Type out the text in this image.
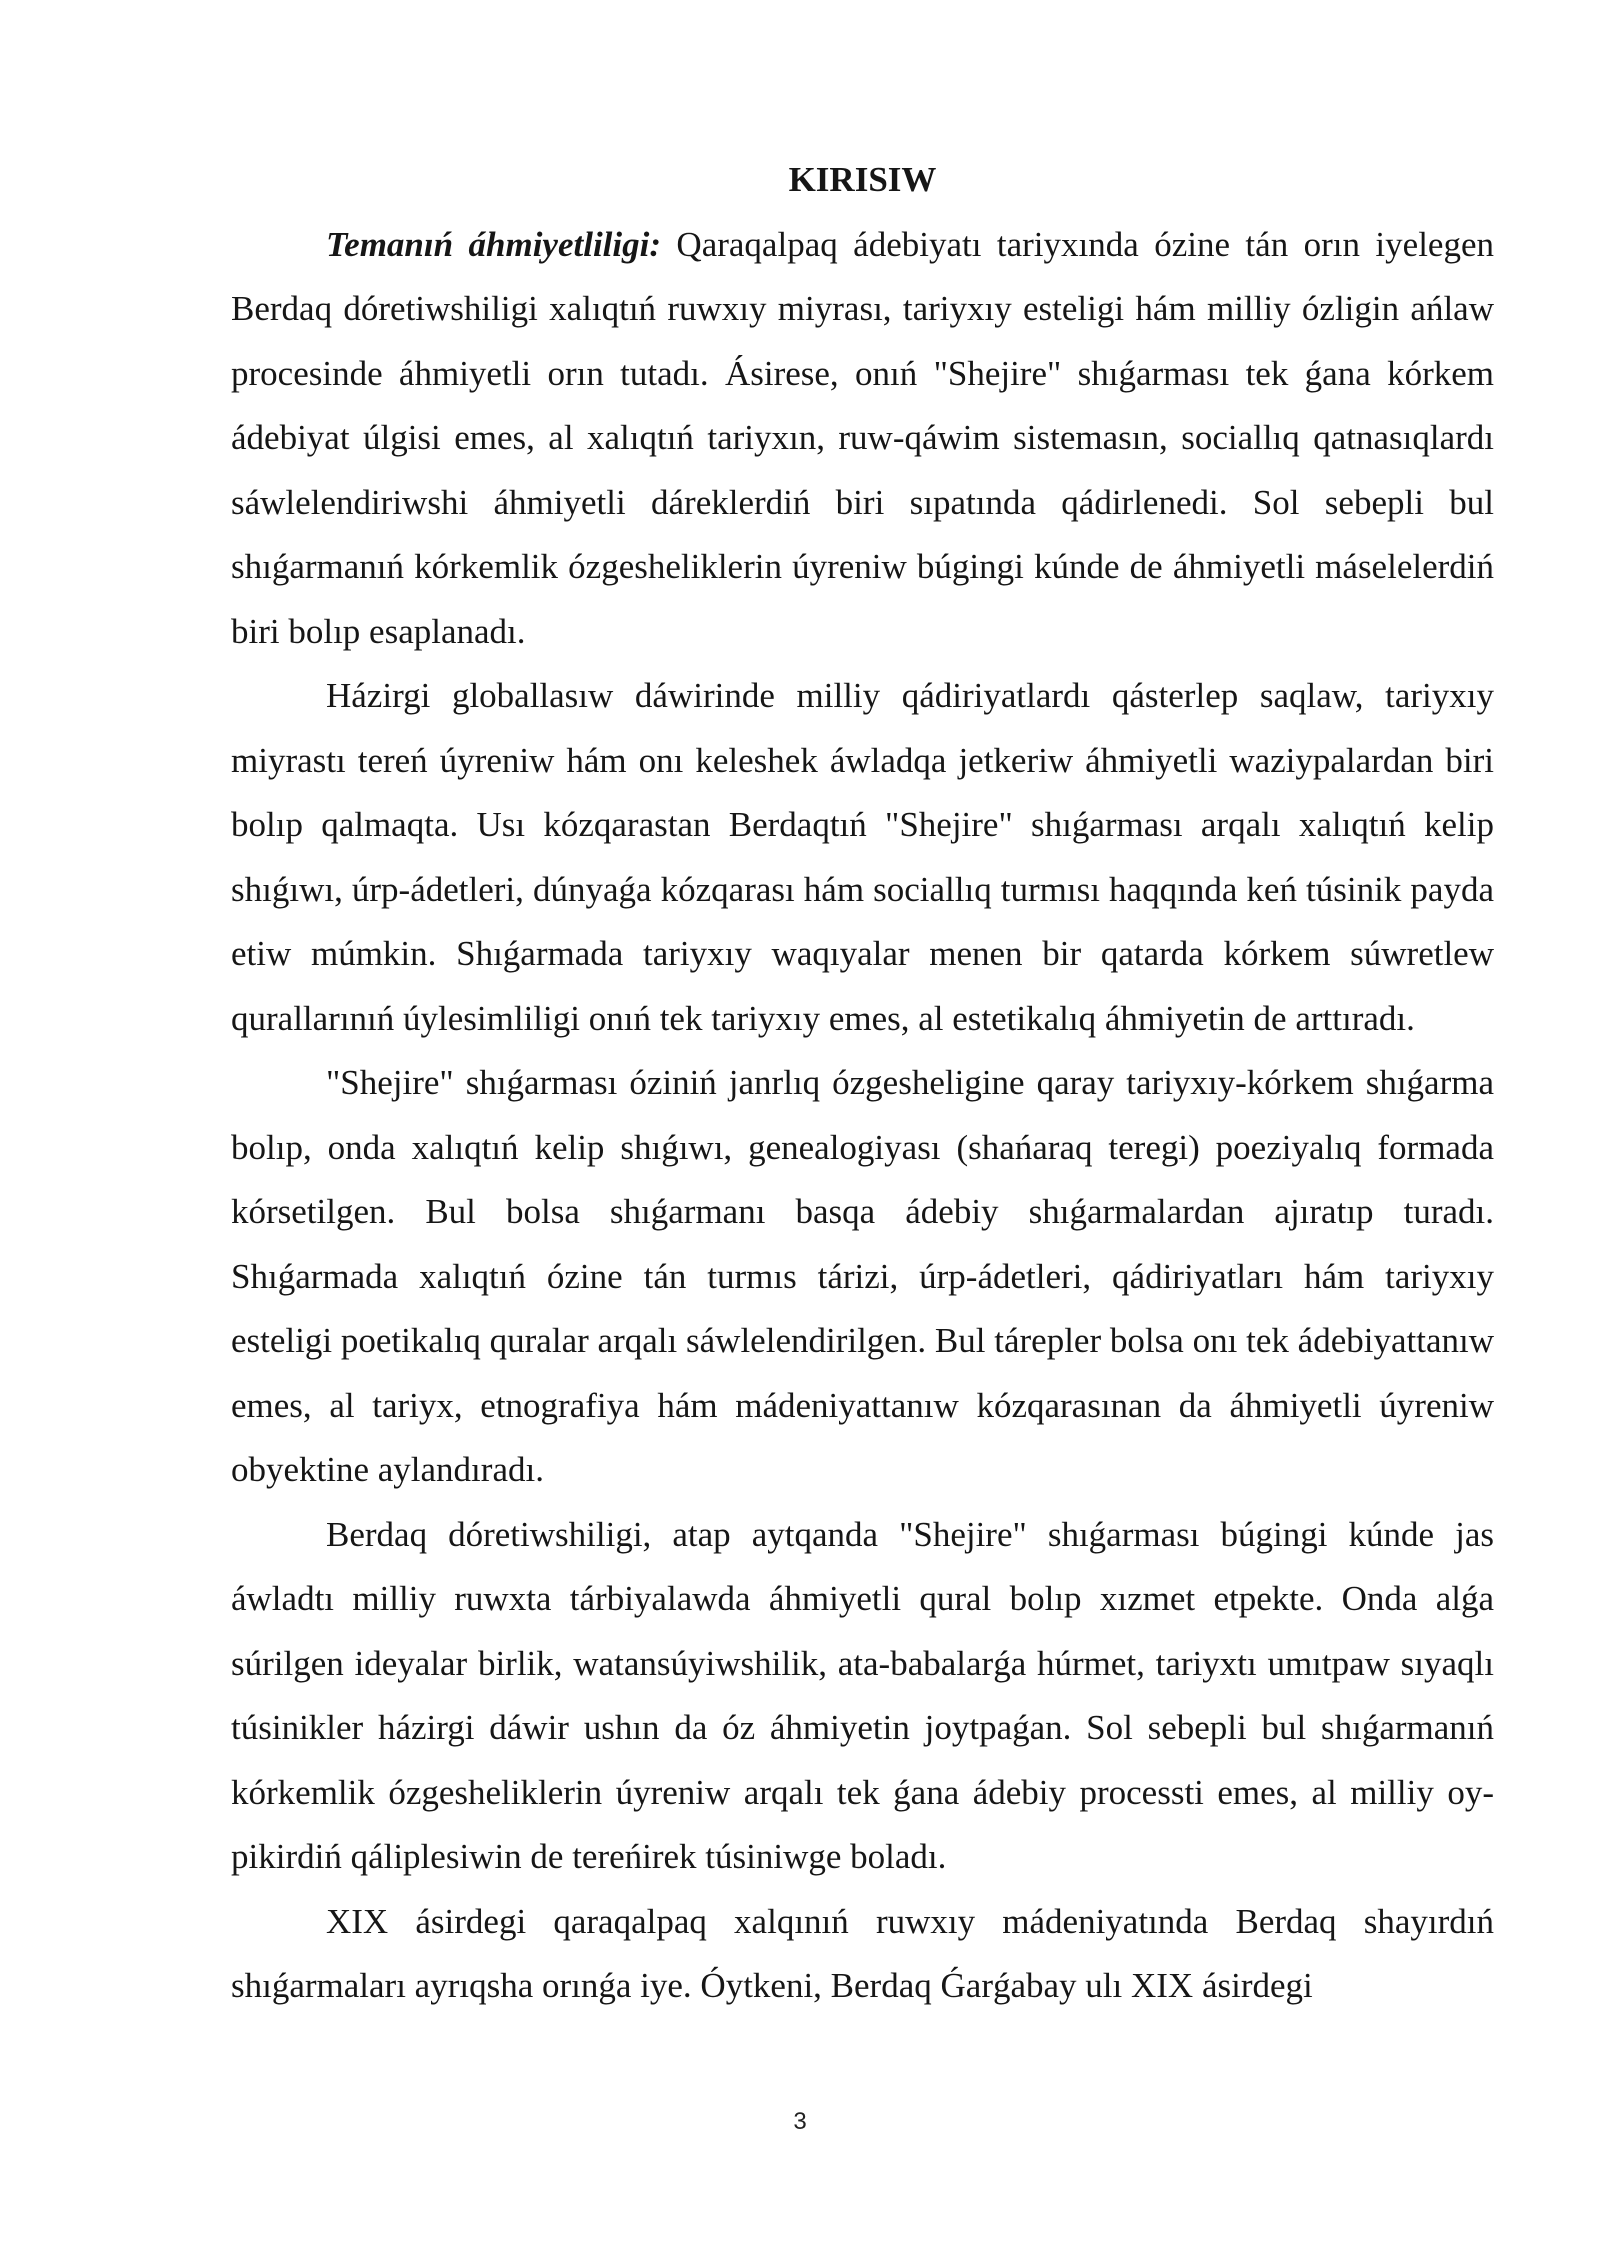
KIRISIW

Temanıń áhmiyetliligi: Qaraqalpaq ádebiyatı tariyxında ózine tán orın iyelegen Berdaq dóretiwshiligi xalıqtıń ruwxıy miyrası, tariyxıy esteligi hám milliy ózligin ańlaw procesinde áhmiyetli orın tutadı. Ásirese, onıń "Shejire" shıǵarması tek ǵana kórkem ádebiyat úlgisi emes, al xalıqtıń tariyxın, ruw-qáwim sistemasın, sociallıq qatnasıqlardı sáwlelendiriwshi áhmiyetli dáreklerdiń biri sıpatında qádirlenedi. Sol sebepli bul shıǵarmanıń kórkemlik ózgesheliklerin úyreniw búgingi kúnde de áhmiyetli máselelerdiń biri bolıp esaplanadı.

Házirgi globallasıw dáwirinde milliy qádiriyatlardı qásterlep saqlaw, tariyxıy miyrastı tereń úyreniw hám onı keleshek áwladqa jetkeriw áhmiyetli waziypalardan biri bolıp qalmaqta. Usı kózqarastan Berdaqtıń "Shejire" shıǵarması arqalı xalıqtıń kelip shıǵıwı, úrp-ádetleri, dúnyaǵa kózqarası hám sociallıq turmısı haqqında keń túsinik payda etiw múmkin. Shıǵarmada tariyxıy waqıyalar menen bir qatarda kórkem súwretlew qurallarınıń úylesimliligi onıń tek tariyxıy emes, al estetikalıq áhmiyetin de arttıradı.

"Shejire" shıǵarması óziniń janrlıq ózgesheligine qaray tariyxıy-kórkem shıǵarma bolıp, onda xalıqtıń kelip shıǵıwı, genealogiyası (shańaraq teregi) poeziyalıq formada kórsetilgen. Bul bolsa shıǵarmanı basqa ádebiy shıǵarmalardan ajıratıp turadı. Shıǵarmada xalıqtıń ózine tán turmıs tárizi, úrp-ádetleri, qádiriyatları hám tariyxıy esteligi poetikalıq quralar arqalı sáwlelendirilgen. Bul tárepler bolsa onı tek ádebiyattanıw emes, al tariyx, etnografiya hám mádeniyattanıw kózqarasınan da áhmiyetli úyreniw obyektine aylandıradı.

Berdaq dóretiwshiligi, atap aytqanda "Shejire" shıǵarması búgingi kúnde jas áwladtı milliy ruwxta tárbiyalawda áhmiyetli qural bolıp xızmet etpekte. Onda alǵa súrilgen ideyalar birlik, watansúyiwshilik, ata-babalarǵa húrmet, tariyxtı umıtpaw sıyaqlı túsinikler házirgi dáwir ushın da óz áhmiyetin joytpaǵan. Sol sebepli bul shıǵarmanıń kórkemlik ózgesheliklerin úyreniw arqalı tek ǵana ádebiy processti emes, al milliy oy-pikirdiń qáliplesiwin de tereńirek túsiniwge boladı.

XIX ásirdegi qaraqalpaq xalqınıń ruwxıy mádeniyatında Berdaq shayırdıń shıǵarmaları ayrıqsha orınǵa iye. Óytkeni, Berdaq Ǵarǵabay ulı XIX ásirdegi

3
